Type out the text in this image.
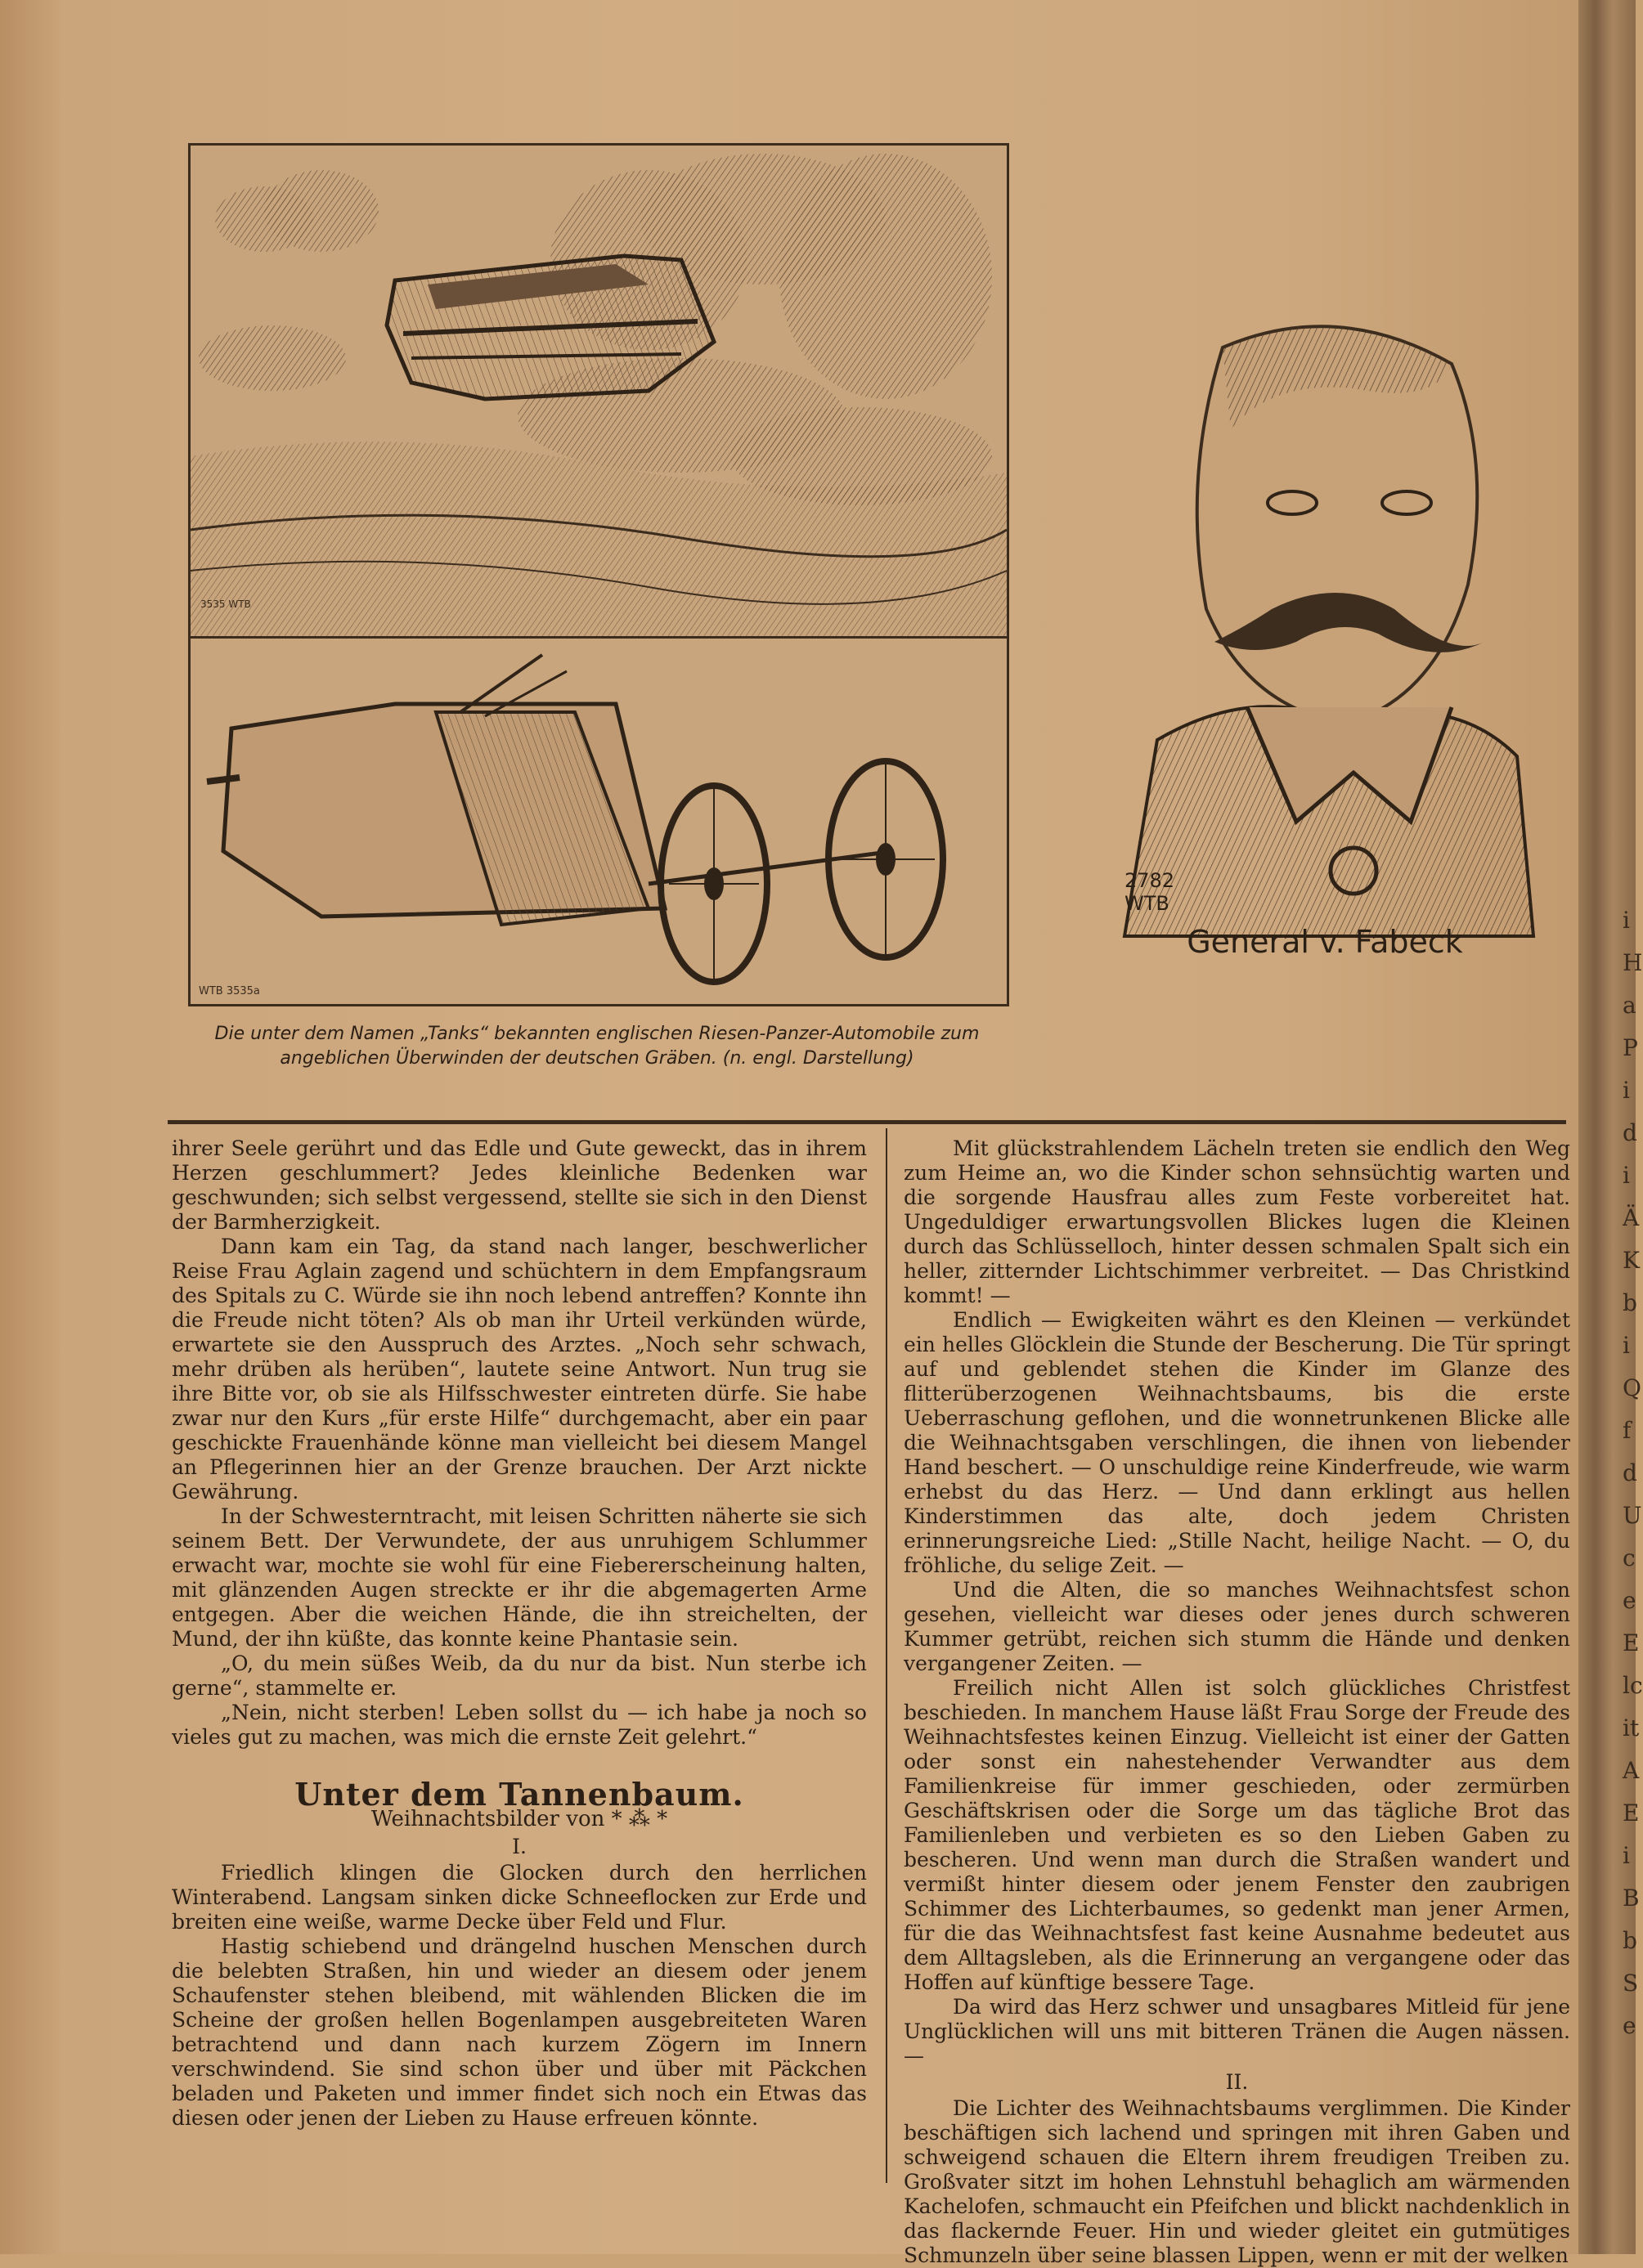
i
H
a
P
i
d
i
Ä
K
b
i
Q
f
d
U
c
e
E
lc
it
A
E
i
B
b
S
e

3535 WTB
WTB 3535a
Die unter dem Namen „Tanks“ bekannten englischen Riesen-Panzer-Automobile zum angeblichen Überwinden der deutschen Gräben. (n. engl. Darstellung)
2782
WTB
General v. Fabeck

ihrer Seele gerührt und das Edle und Gute geweckt, das in ihrem Herzen geschlummert? Jedes kleinliche Bedenken war geschwunden; sich selbst vergessend, stellte sie sich in den Dienst der Barmherzigkeit.

Dann kam ein Tag, da stand nach langer, beschwerlicher Reise Frau Aglain zagend und schüchtern in dem Empfangsraum des Spitals zu C. Würde sie ihn noch lebend antreffen? Konnte ihn die Freude nicht töten? Als ob man ihr Urteil verkünden würde, erwartete sie den Ausspruch des Arztes. „Noch sehr schwach, mehr drüben als herüben“, lautete seine Antwort. Nun trug sie ihre Bitte vor, ob sie als Hilfsschwester eintreten dürfe. Sie habe zwar nur den Kurs „für erste Hilfe“ durchgemacht, aber ein paar geschickte Frauenhände könne man vielleicht bei diesem Mangel an Pflegerinnen hier an der Grenze brauchen. Der Arzt nickte Gewährung.

In der Schwesterntracht, mit leisen Schritten näherte sie sich seinem Bett. Der Verwundete, der aus unruhigem Schlummer erwacht war, mochte sie wohl für eine Fiebererscheinung halten, mit glänzenden Augen streckte er ihr die abgemagerten Arme entgegen. Aber die weichen Hände, die ihn streichelten, der Mund, der ihn küßte, das konnte keine Phantasie sein.

„O, du mein süßes Weib, da du nur da bist. Nun sterbe ich gerne“, stammelte er.

„Nein, nicht sterben! Leben sollst du — ich habe ja noch so vieles gut zu machen, was mich die ernste Zeit gelehrt.“

Unter dem Tannenbaum.
Weihnachtsbilder von * ⁂ *
I.

Friedlich klingen die Glocken durch den herrlichen Winterabend. Langsam sinken dicke Schneeflocken zur Erde und breiten eine weiße, warme Decke über Feld und Flur.

Hastig schiebend und drängelnd huschen Menschen durch die belebten Straßen, hin und wieder an diesem oder jenem Schaufenster stehen bleibend, mit wählenden Blicken die im Scheine der großen hellen Bogenlampen ausgebreiteten Waren betrachtend und dann nach kurzem Zögern im Innern verschwindend. Sie sind schon über und über mit Päckchen beladen und Paketen und immer findet sich noch ein Etwas das diesen oder jenen der Lieben zu Hause erfreuen könnte.

Mit glückstrahlendem Lächeln treten sie endlich den Weg zum Heime an, wo die Kinder schon sehnsüchtig warten und die sorgende Hausfrau alles zum Feste vorbereitet hat. Ungeduldiger erwartungsvollen Blickes lugen die Kleinen durch das Schlüsselloch, hinter dessen schmalen Spalt sich ein heller, zitternder Lichtschimmer verbreitet. — Das Christkind kommt! —

Endlich — Ewigkeiten währt es den Kleinen — verkündet ein helles Glöcklein die Stunde der Bescherung. Die Tür springt auf und geblendet stehen die Kinder im Glanze des flitterüberzogenen Weihnachtsbaums, bis die erste Ueberraschung geflohen, und die wonnetrunkenen Blicke alle die Weihnachtsgaben verschlingen, die ihnen von liebender Hand beschert. — O unschuldige reine Kinderfreude, wie warm erhebst du das Herz. — Und dann erklingt aus hellen Kinderstimmen das alte, doch jedem Christen erinnerungsreiche Lied: „Stille Nacht, heilige Nacht. — O, du fröhliche, du selige Zeit. —

Und die Alten, die so manches Weihnachtsfest schon gesehen, vielleicht war dieses oder jenes durch schweren Kummer getrübt, reichen sich stumm die Hände und denken vergangener Zeiten. —

Freilich nicht Allen ist solch glückliches Christfest beschieden. In manchem Hause läßt Frau Sorge der Freude des Weihnachtsfestes keinen Einzug. Vielleicht ist einer der Gatten oder sonst ein nahestehender Verwandter aus dem Familienkreise für immer geschieden, oder zermürben Geschäftskrisen oder die Sorge um das tägliche Brot das Familienleben und verbieten es so den Lieben Gaben zu bescheren. Und wenn man durch die Straßen wandert und vermißt hinter diesem oder jenem Fenster den zaubrigen Schimmer des Lichterbaumes, so gedenkt man jener Armen, für die das Weihnachtsfest fast keine Ausnahme bedeutet aus dem Alltagsleben, als die Erinnerung an vergangene oder das Hoffen auf künftige bessere Tage.

Da wird das Herz schwer und unsagbares Mitleid für jene Unglücklichen will uns mit bitteren Tränen die Augen nässen. —

II.

Die Lichter des Weihnachtsbaums verglimmen. Die Kinder beschäftigen sich lachend und springen mit ihren Gaben und schweigend schauen die Eltern ihrem freudigen Treiben zu. Großvater sitzt im hohen Lehnstuhl behaglich am wärmenden Kachelofen, schmaucht ein Pfeifchen und blickt nachdenklich in das flackernde Feuer. Hin und wieder gleitet ein gutmütiges Schmunzeln über seine blassen Lippen, wenn er mit der welken
